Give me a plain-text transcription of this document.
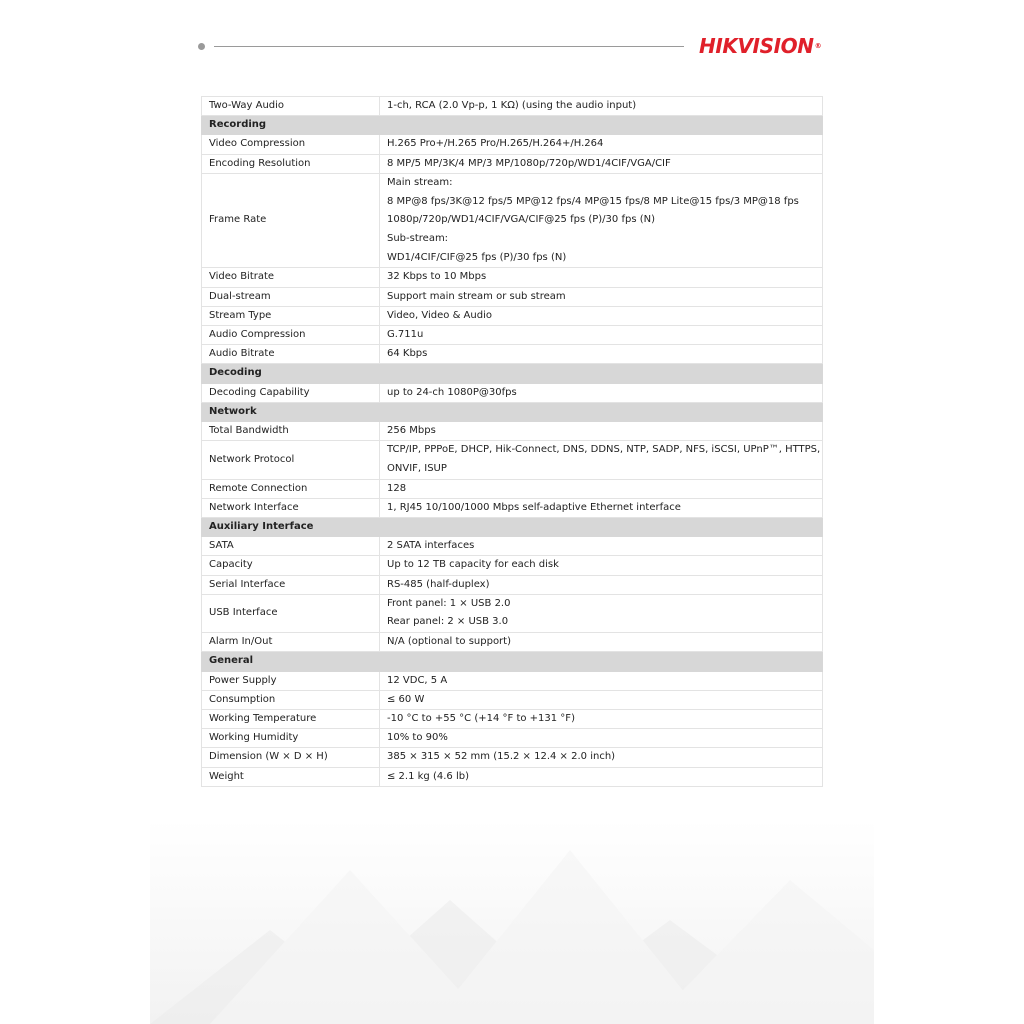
HIKVISION®
Two-Way Audio	1-ch, RCA (2.0 Vp-p, 1 KΩ) (using the audio input)
Recording	
Video Compression	H.265 Pro+/H.265 Pro/H.265/H.264+/H.264
Encoding Resolution	8 MP/5 MP/3K/4 MP/3 MP/1080p/720p/WD1/4CIF/VGA/CIF
Frame Rate	Main stream:
8 MP@8 fps/3K@12 fps/5 MP@12 fps/4 MP@15 fps/8 MP Lite@15 fps/3 MP@18 fps
1080p/720p/WD1/4CIF/VGA/CIF@25 fps (P)/30 fps (N)
Sub-stream:
WD1/4CIF/CIF@25 fps (P)/30 fps (N)

Video Bitrate	32 Kbps to 10 Mbps
Dual-stream	Support main stream or sub stream
Stream Type	Video, Video & Audio
Audio Compression	G.711u
Audio Bitrate	64 Kbps
Decoding	
Decoding Capability	up to 24-ch 1080P@30fps
Network	
Total Bandwidth	256 Mbps
Network Protocol	TCP/IP, PPPoE, DHCP, Hik-Connect, DNS, DDNS, NTP, SADP, NFS, iSCSI, UPnP™, HTTPS,
ONVIF, ISUP

Remote Connection	128
Network Interface	1, RJ45 10/100/1000 Mbps self-adaptive Ethernet interface
Auxiliary Interface	
SATA	2 SATA interfaces
Capacity	Up to 12 TB capacity for each disk
Serial Interface	RS-485 (half-duplex)
USB Interface	Front panel: 1 × USB 2.0
Rear panel: 2 × USB 3.0

Alarm In/Out	N/A (optional to support)
General	
Power Supply	12 VDC, 5 A
Consumption	≤ 60 W
Working Temperature	-10 °C to +55 °C (+14 °F to +131 °F)
Working Humidity	10% to 90%
Dimension (W × D × H)	385 × 315 × 52 mm (15.2 × 12.4 × 2.0 inch)
Weight	≤ 2.1 kg (4.6 lb)
